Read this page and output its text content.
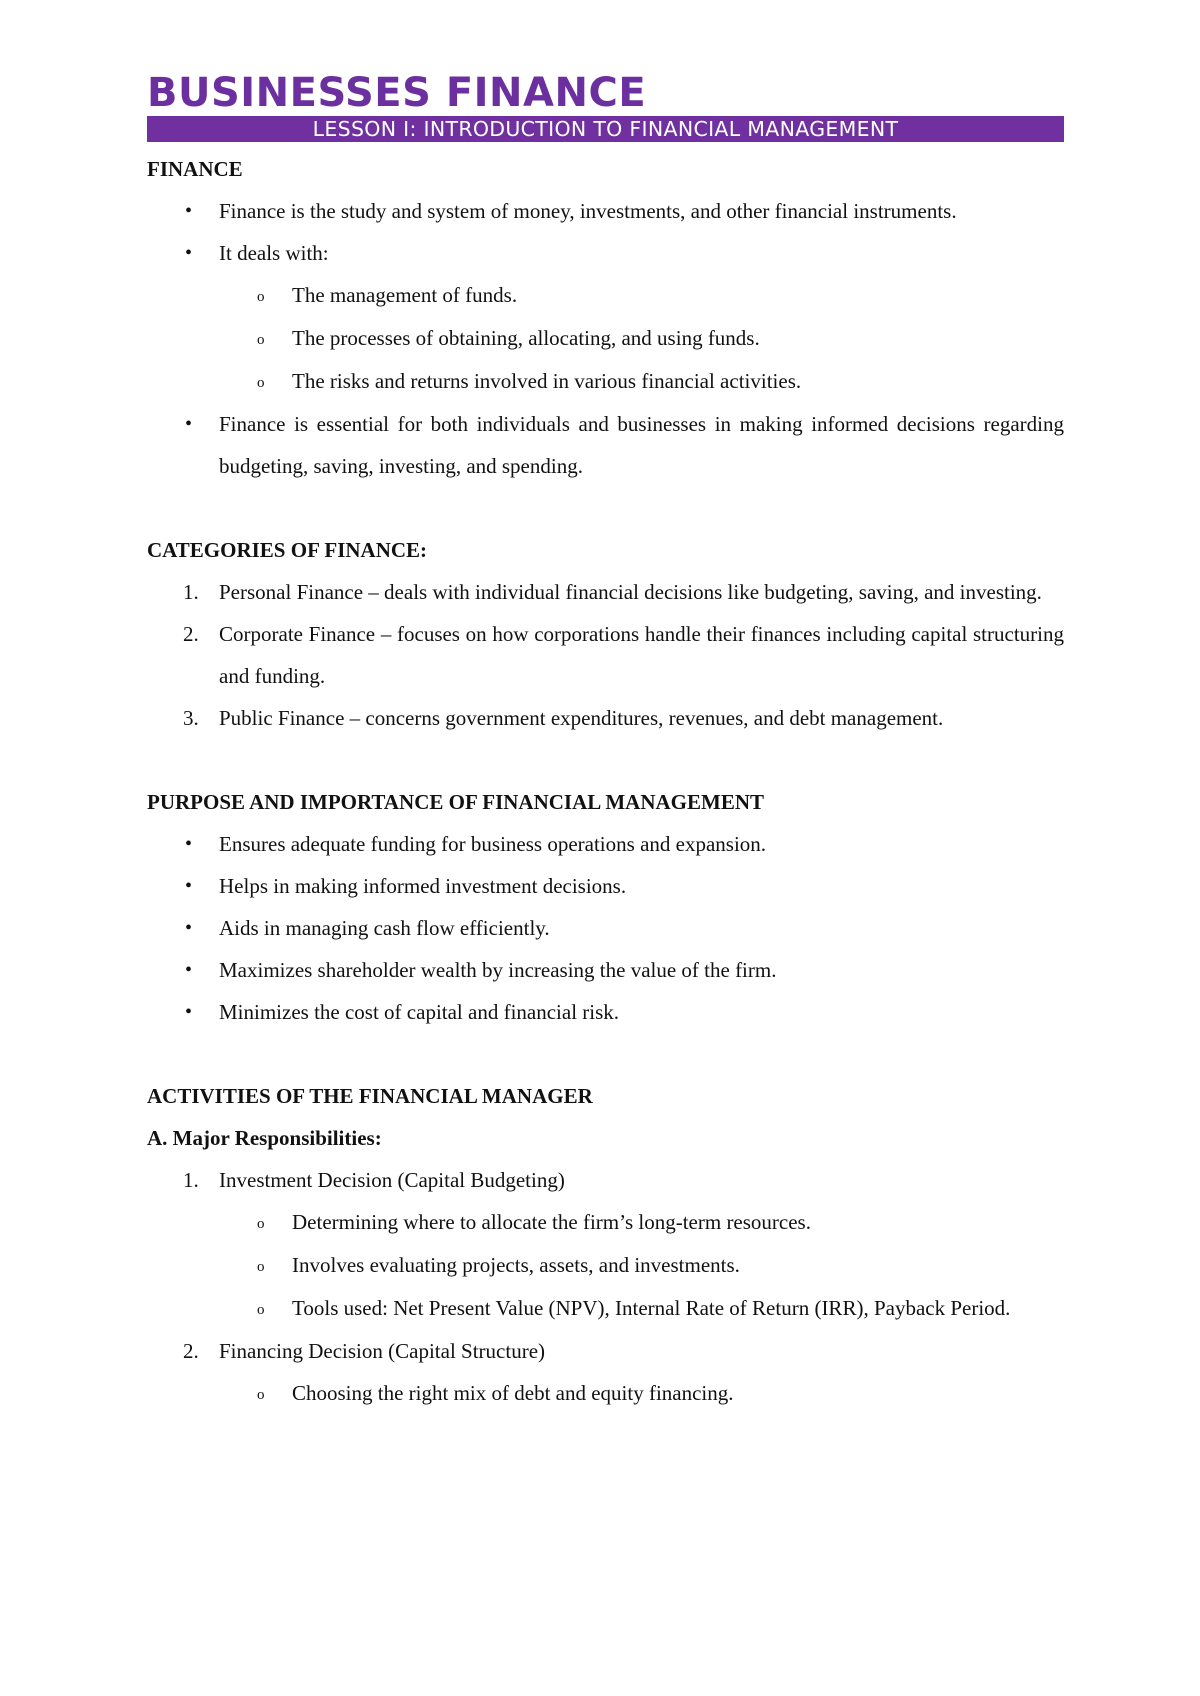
BUSINESSES FINANCE
LESSON I: INTRODUCTION TO FINANCIAL MANAGEMENT
FINANCE
•	Finance is the study and system of money, investments, and other financial instruments.
•	It deals with:
o The management of funds.
o The processes of obtaining, allocating, and using funds.
o The risks and returns involved in various financial activities.
•	Finance is essential for both individuals and businesses in making informed decisions regarding budgeting, saving, investing, and spending.
CATEGORIES OF FINANCE:
1. Personal Finance – deals with individual financial decisions like budgeting, saving, and investing.
2. Corporate Finance – focuses on how corporations handle their finances including capital structuring and funding.
3. Public Finance – concerns government expenditures, revenues, and debt management.
PURPOSE AND IMPORTANCE OF FINANCIAL MANAGEMENT
•	Ensures adequate funding for business operations and expansion.
•	Helps in making informed investment decisions.
•	Aids in managing cash flow efficiently.
•	Maximizes shareholder wealth by increasing the value of the firm.
•	Minimizes the cost of capital and financial risk.
ACTIVITIES OF THE FINANCIAL MANAGER
A. Major Responsibilities:
1. Investment Decision (Capital Budgeting)
o Determining where to allocate the firm’s long-term resources.
o Involves evaluating projects, assets, and investments.
o Tools used: Net Present Value (NPV), Internal Rate of Return (IRR), Payback Period.
2. Financing Decision (Capital Structure)
o Choosing the right mix of debt and equity financing.
